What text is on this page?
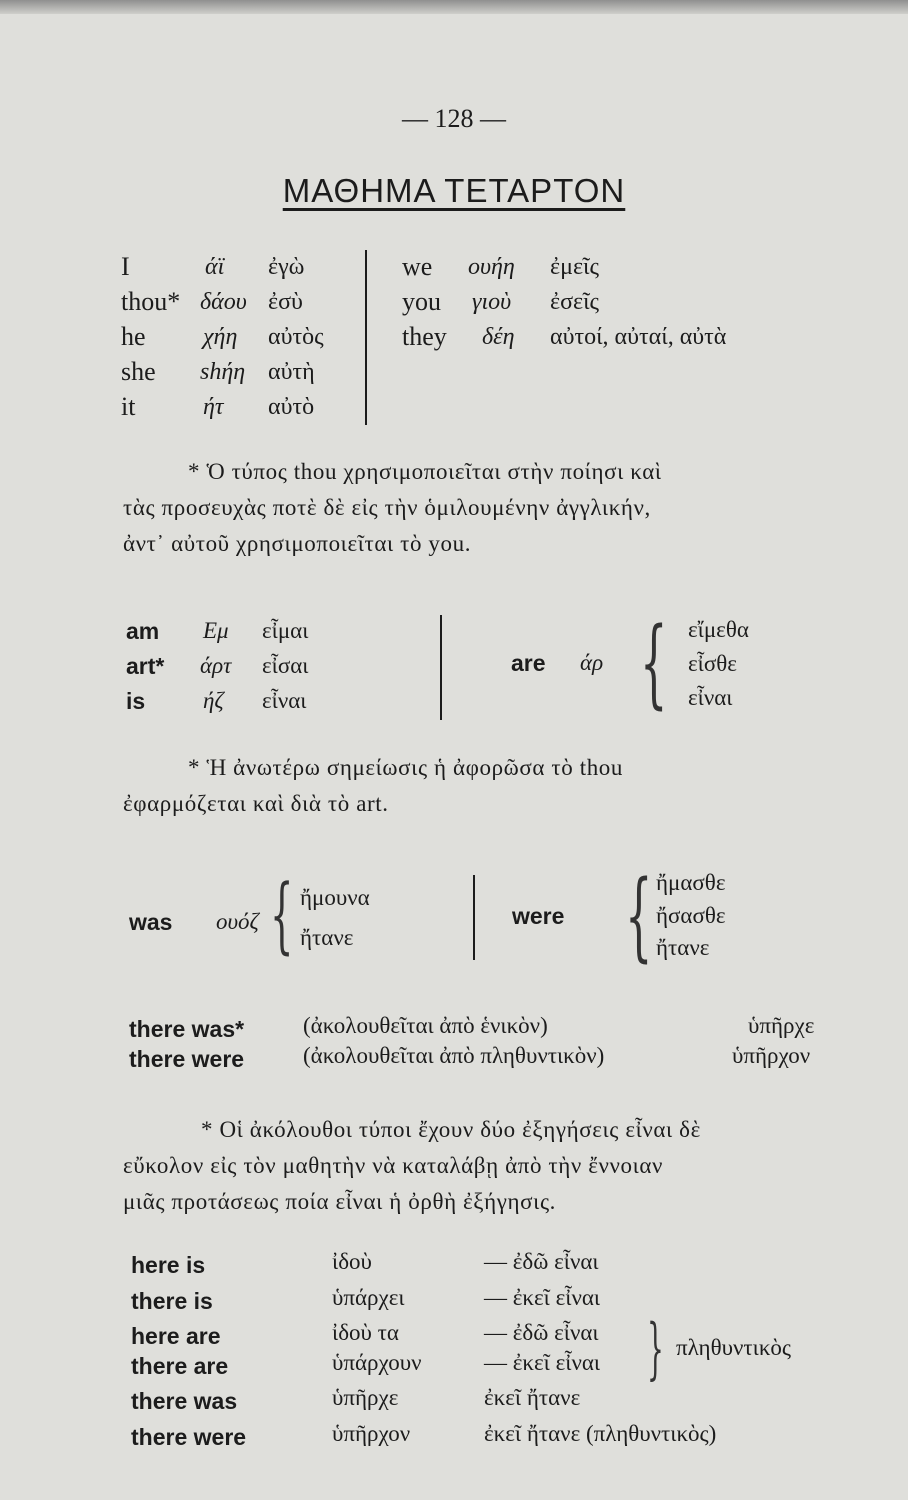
— 128 —
ΜΑΘΗΜΑ ΤΕΤΑΡΤΟΝ
I	άϊ ἐγὼ
thou* δάου ἐσὺ
he χήη αὐτὸς
she shήη αὐτὴ
it	ήτ αὐτὸ
we ουήη ἐμεῖς
you γιοὺ ἐσεῖς
they δέη αὐτοί, αὐταί, αὐτὰ
* Ὁ τύπος thou χρησιμοποιεῖται στὴν ποίησι καὶ
τὰς προσευχὰς ποτὲ δὲ εἰς τὴν ὁμιλουμένην ἀγγλικήν,
ἀντ᾽ αὐτοῦ χρησιμοποιεῖται τὸ you.
am Εμ εἶμαι
art* άρτ εἶσαι
is	ήζ εἶναι
are άρ { εἴμεθα
εἶσθε
εἶναι
* Ἡ ἀνωτέρω σημείωσις ἡ ἀφορῶσα τὸ thou
ἐφαρμόζεται καὶ διὰ τὸ art.
was ουόζ { ἤμουνα
ἤτανε
were { ἤμασθε
ἤσασθε
ἤτανε
there was*	(ἀκολουθεῖται ἀπὸ ἑνικὸν)	ὑπῆρχε
there were	(ἀκολουθεῖται ἀπὸ πληθυντικὸν)	ὑπῆρχον
* Οἱ ἀκόλουθοι τύποι ἔχουν δύο ἐξηγήσεις εἶναι δὲ
εὔκολον εἰς τὸν μαθητὴν νὰ καταλάβῃ ἀπὸ τὴν ἔννοιαν
μιᾶς προτάσεως ποία εἶναι ἡ ὀρθὴ ἐξήγησις.
here is	ἰδοὺ	— ἐδῶ εἶναι
there is	ὑπάρχει	— ἐκεῖ εἶναι
here are	ἰδοὺ τα	— ἐδῶ εἶναι
there are	ὑπάρχουν	— ἐκεῖ εἶναι } πληθυντικὸς
there was	ὑπῆρχε	ἐκεῖ ἤτανε
there were	ὑπῆρχον	ἐκεῖ ἤτανε (πληθυντικὸς)
